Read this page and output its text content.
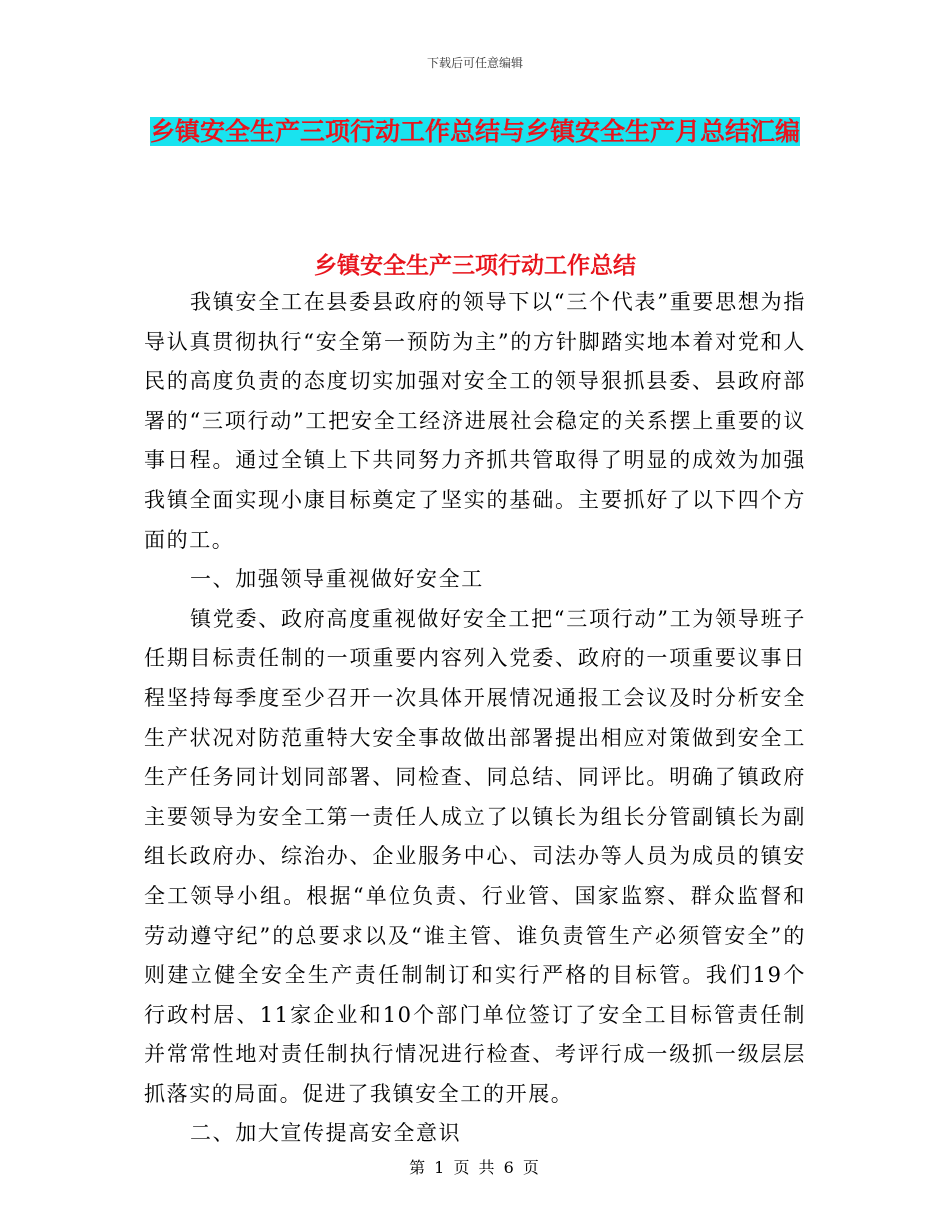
下载后可任意编辑
乡镇安全生产三项行动工作总结与乡镇安全生产月总结汇编
乡镇安全生产三项行动工作总结

我镇安全工在县委县政府的领导下以“三个代表”重要思想为指导认真贯彻执行“安全第一预防为主”的方针脚踏实地本着对党和人民的高度负责的态度切实加强对安全工的领导狠抓县委、县政府部署的“三项行动”工把安全工经济进展社会稳定的关系摆上重要的议事日程。通过全镇上下共同努力齐抓共管取得了明显的成效为加强我镇全面实现小康目标奠定了坚实的基础。主要抓好了以下四个方面的工。

一、加强领导重视做好安全工

镇党委、政府高度重视做好安全工把“三项行动”工为领导班子任期目标责任制的一项重要内容列入党委、政府的一项重要议事日程坚持每季度至少召开一次具体开展情况通报工会议及时分析安全生产状况对防范重特大安全事故做出部署提出相应对策做到安全工生产任务同计划同部署、同检查、同总结、同评比。明确了镇政府主要领导为安全工第一责任人成立了以镇长为组长分管副镇长为副组长政府办、综治办、企业服务中心、司法办等人员为成员的镇安全工领导小组。根据“单位负责、行业管、国家监察、群众监督和劳动遵守纪”的总要求以及“谁主管、谁负责管生产必须管安全”的则建立健全安全生产责任制制订和实行严格的目标管。我们19个行政村居、11家企业和10个部门单位签订了安全工目标管责任制并常常性地对责任制执行情况进行检查、考评行成一级抓一级层层抓落实的局面。促进了我镇安全工的开展。

二、加大宣传提高安全意识

第 1 页 共 6 页
